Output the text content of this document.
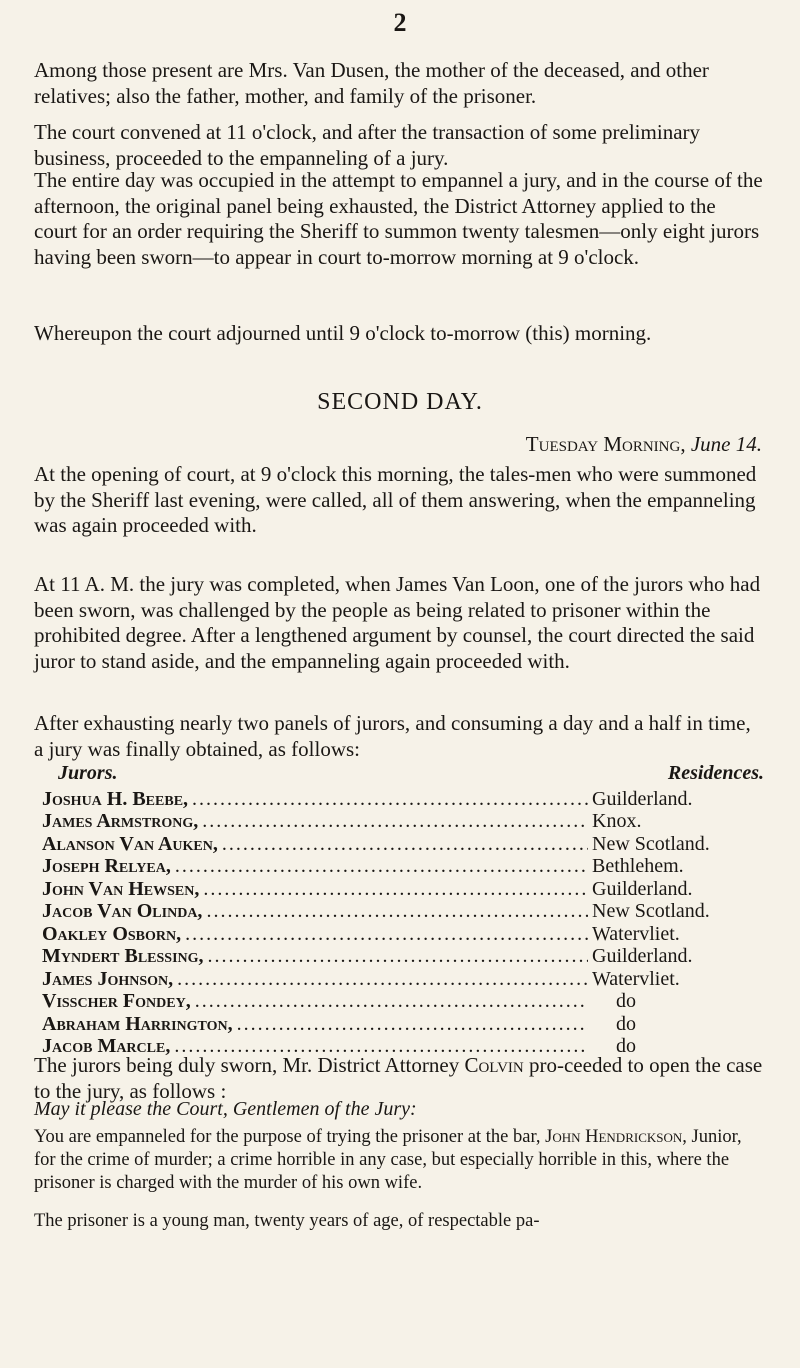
2

Among those present are Mrs. Van Dusen, the mother of the deceased, and other relatives; also the father, mother, and family of the prisoner.

The court convened at 11 o'clock, and after the transaction of some preliminary business, proceeded to the empanneling of a jury.

The entire day was occupied in the attempt to empannel a jury, and in the course of the afternoon, the original panel being exhausted, the District Attorney applied to the court for an order requiring the Sheriff to summon twenty talesmen—only eight jurors having been sworn—to appear in court to-morrow morning at 9 o'clock.

Whereupon the court adjourned until 9 o'clock to-morrow (this) morning.

SECOND DAY.
Tuesday Morning, June 14.

At the opening of court, at 9 o'clock this morning, the tales-men who were summoned by the Sheriff last evening, were called, all of them answering, when the empanneling was again proceeded with.

At 11 A. M. the jury was completed, when James Van Loon, one of the jurors who had been sworn, was challenged by the people as being related to prisoner within the prohibited degree. After a lengthened argument by counsel, the court directed the said juror to stand aside, and the empanneling again proceeded with.

After exhausting nearly two panels of jurors, and consuming a day and a half in time, a jury was finally obtained, as follows:

Jurors.	Residences.
Joshua H. Beebe, .....	Guilderland.
James Armstrong, .....	Knox.
Alanson Van Auken, .....	New Scotland.
Joseph Relyea, .....	Bethlehem.
John Van Hewsen, .....	Guilderland.
Jacob Van Olinda, .....	New Scotland.
Oakley Osborn, .....	Watervliet.
Myndert Blessing, .....	Guilderland.
James Johnson, .....	Watervliet.
Visscher Fondey, .....	do
Abraham Harrington, .....	do
Jacob Marcle, .....	do

The jurors being duly sworn, Mr. District Attorney Colvin pro-ceeded to open the case to the jury, as follows :

May it please the Court, Gentlemen of the Jury:
You are empanneled for the purpose of trying the prisoner at the bar, John Hendrickson, Junior, for the crime of murder; a crime horrible in any case, but especially horrible in this, where the prisoner is charged with the murder of his own wife.
The prisoner is a young man, twenty years of age, of respectable pa-
